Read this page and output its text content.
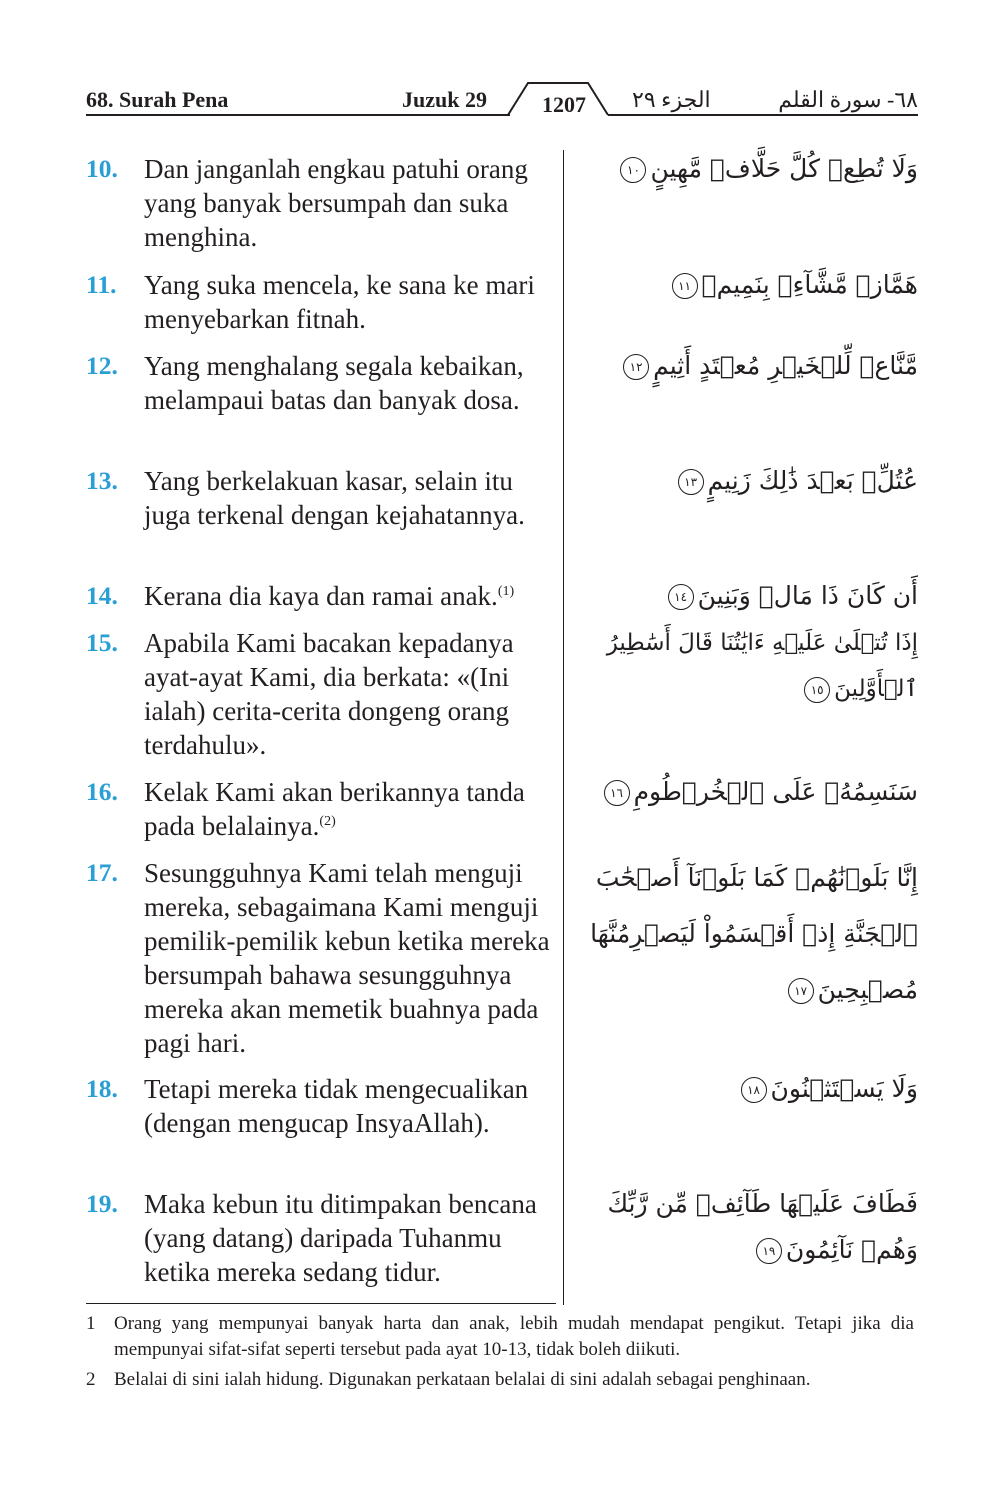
68. Surah Pena	Juzuk 29	1207	الجزء ٢٩	٦٨- سورة القلم
10. Dan janganlah engkau patuhi orang yang banyak bersumpah dan suka menghina.
وَلَا تُطِعۡ كُلَّ حَلَّافٖ مَّهِينٍ١٠
11.	Yang suka mencela, ke sana ke mari menyebarkan fitnah.
هَمَّازٖ مَّشَّآءِۭ بِنَمِيمٖ١١
12. Yang menghalang segala kebaikan, melampaui batas dan banyak dosa.
مَّنَّاعٖ لِّلۡخَيۡرِ مُعۡتَدٍ أَثِيمٍ١٢
13. Yang berkelakuan kasar, selain itu juga terkenal dengan kejahatannya.
عُتُلِّۭ بَعۡدَ ذَٰلِكَ زَنِيمٍ١٣
14. Kerana dia kaya dan ramai anak.$^{(1)}$	أَن كَانَ ذَا مَالٖ وَبَنِينَ١٤
15. Apabila Kami bacakan kepadanya ayat-ayat Kami, dia berkata: «(Ini ialah) cerita-cerita dongeng orang terdahulu».
إِذَا تُتۡلَىٰ عَلَيۡهِ ءَايَٰتُنَا قَالَ أَسَٰطِيرُ ٱلۡأَوَّلِينَ١٥
16. Kelak Kami akan berikannya tanda pada belalainya.$^{(2)}$
سَنَسِمُهُۥ عَلَى ٱلۡخُرۡطُومِ١٦
17. Sesungguhnya Kami telah menguji mereka, sebagaimana Kami menguji pemilik-pemilik kebun ketika mereka bersumpah bahawa sesungguhnya mereka akan memetik buahnya pada pagi hari.
إِنَّا بَلَوۡنَٰهُمۡ كَمَا بَلَوۡنَآ أَصۡحَٰبَ ٱلۡجَنَّةِ إِذۡ أَقۡسَمُواْ لَيَصۡرِمُنَّهَا مُصۡبِحِينَ١٧
18. Tetapi mereka tidak mengecualikan (dengan mengucap InsyaAllah).
وَلَا يَسۡتَثۡنُونَ١٨
19. Maka kebun itu ditimpakan bencana (yang datang) daripada Tuhanmu ketika mereka sedang tidur.
فَطَافَ عَلَيۡهَا طَآئِفٞ مِّن رَّبِّكَ وَهُمۡ نَآئِمُونَ١٩
1 Orang yang mempunyai banyak harta dan anak, lebih mudah mendapat pengikut. Tetapi jika dia mempunyai sifat-sifat seperti tersebut pada ayat 10-13, tidak boleh diikuti.
2 Belalai di sini ialah hidung. Digunakan perkataan belalai di sini adalah sebagai penghinaan.
